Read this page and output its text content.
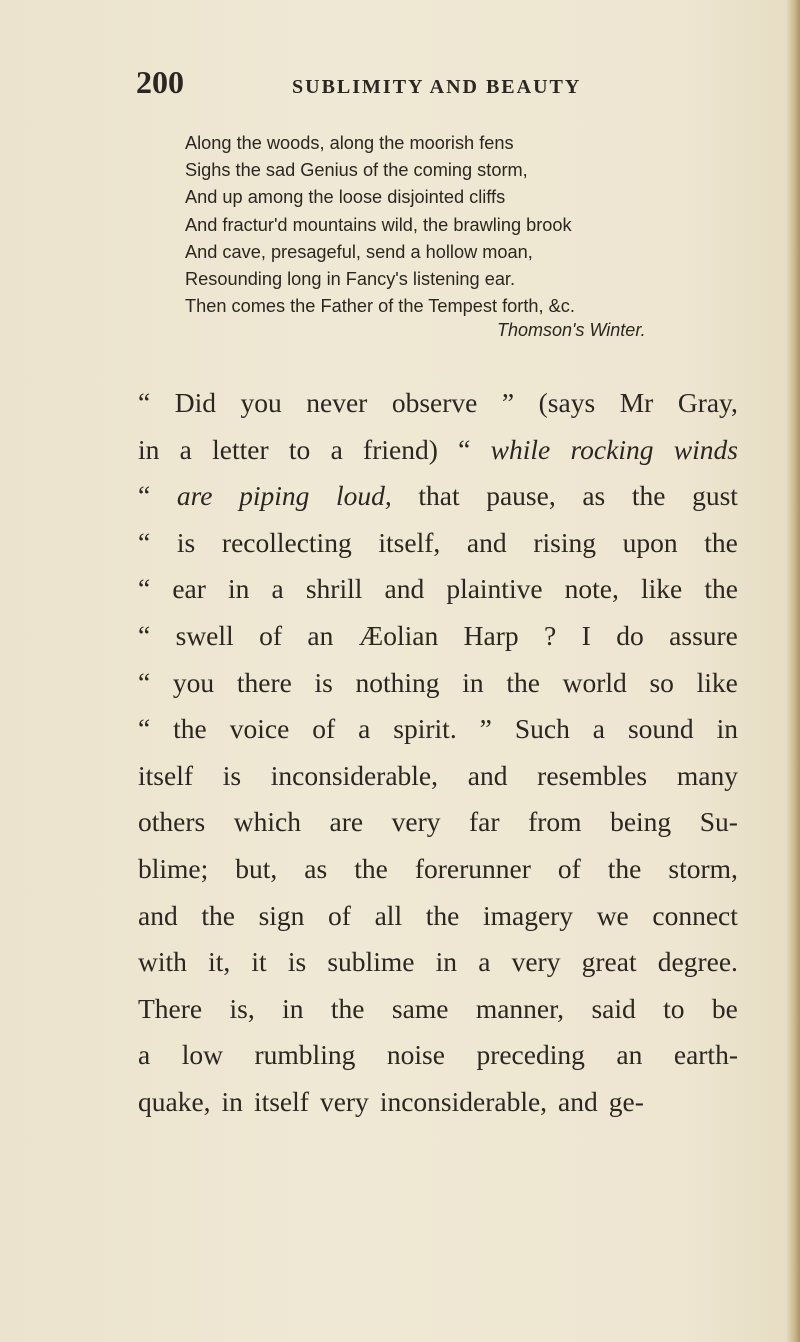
200	SUBLIMITY AND BEAUTY
Along the woods, along the moorish fens
Sighs the sad Genius of the coming storm,
And up among the loose disjointed cliffs
And fractur'd mountains wild, the brawling brook
And cave, presageful, send a hollow moan,
Resounding long in Fancy's listening ear.
Then comes the Father of the Tempest forth, &c.
Thomson's Winter.
“ Did you never observe ” (says Mr Gray,
in a letter to a friend) “ while rocking winds
“ are piping loud, that pause, as the gust
“ is recollecting itself, and rising upon the
“ ear in a shrill and plaintive note, like the
“ swell of an Æolian Harp ? I do assure
“ you there is nothing in the world so like
“ the voice of a spirit. ” Such a sound in
itself is inconsiderable, and resembles many
others which are very far from being Su-
blime; but, as the forerunner of the storm,
and the sign of all the imagery we connect
with it, it is sublime in a very great degree.
There is, in the same manner, said to be
a low rumbling noise preceding an earth-
quake, in itself very inconsiderable, and ge-
